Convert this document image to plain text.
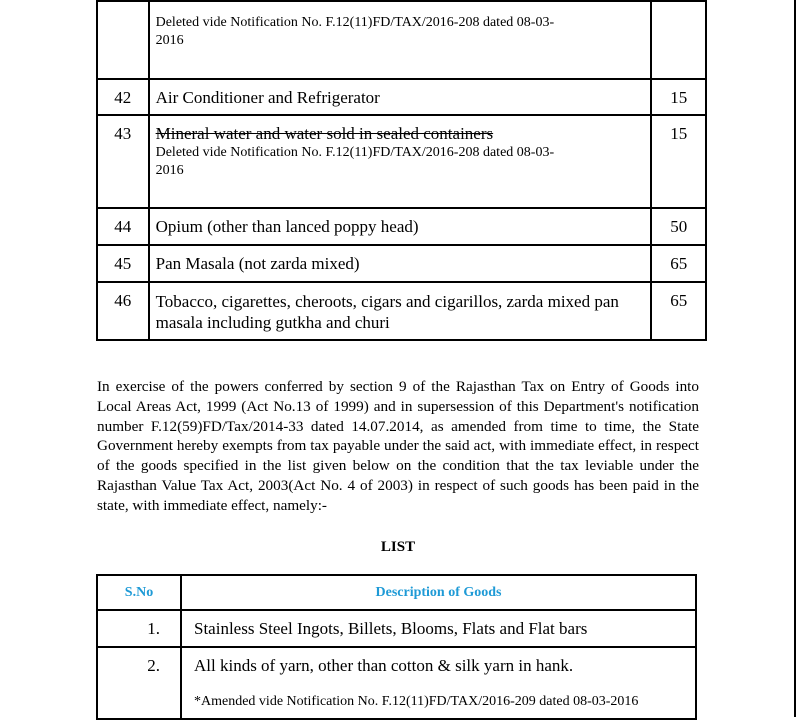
	Deleted vide Notification No. F.12(11)FD/TAX/2016-208 dated 08-03-
2016	

42	Air Conditioner and Refrigerator	15
43	Mineral water and water sold in sealed containers
Deleted vide Notification No. F.12(11)FD/TAX/2016-208 dated 08-03-
2016	15
44	Opium (other than lanced poppy head)	50
45	Pan Masala (not zarda mixed)	65
46	Tobacco, cigarettes, cheroots, cigars and cigarillos, zarda mixed pan masala including gutkha and churi	65

In exercise of the powers conferred by section 9 of the Rajasthan Tax on Entry of Goods into Local Areas Act, 1999 (Act No.13 of 1999) and in supersession of this Department's notification number F.12(59)FD/Tax/2014-33 dated 14.07.2014, as amended from time to time, the State Government hereby exempts from tax payable under the said act, with immediate effect, in respect of the goods specified in the list given below on the condition that the tax leviable under the Rajasthan Value Tax Act, 2003(Act No. 4 of 2003) in respect of such goods has been paid in the state, with immediate effect, namely:-

LIST
S.No	Description of Goods
1.	Stainless Steel Ingots, Billets, Blooms, Flats and Flat bars
2.	All kinds of yarn, other than cotton & silk yarn in hank.
*Amended vide Notification No. F.12(11)FD/TAX/2016-209 dated 08-03-2016
